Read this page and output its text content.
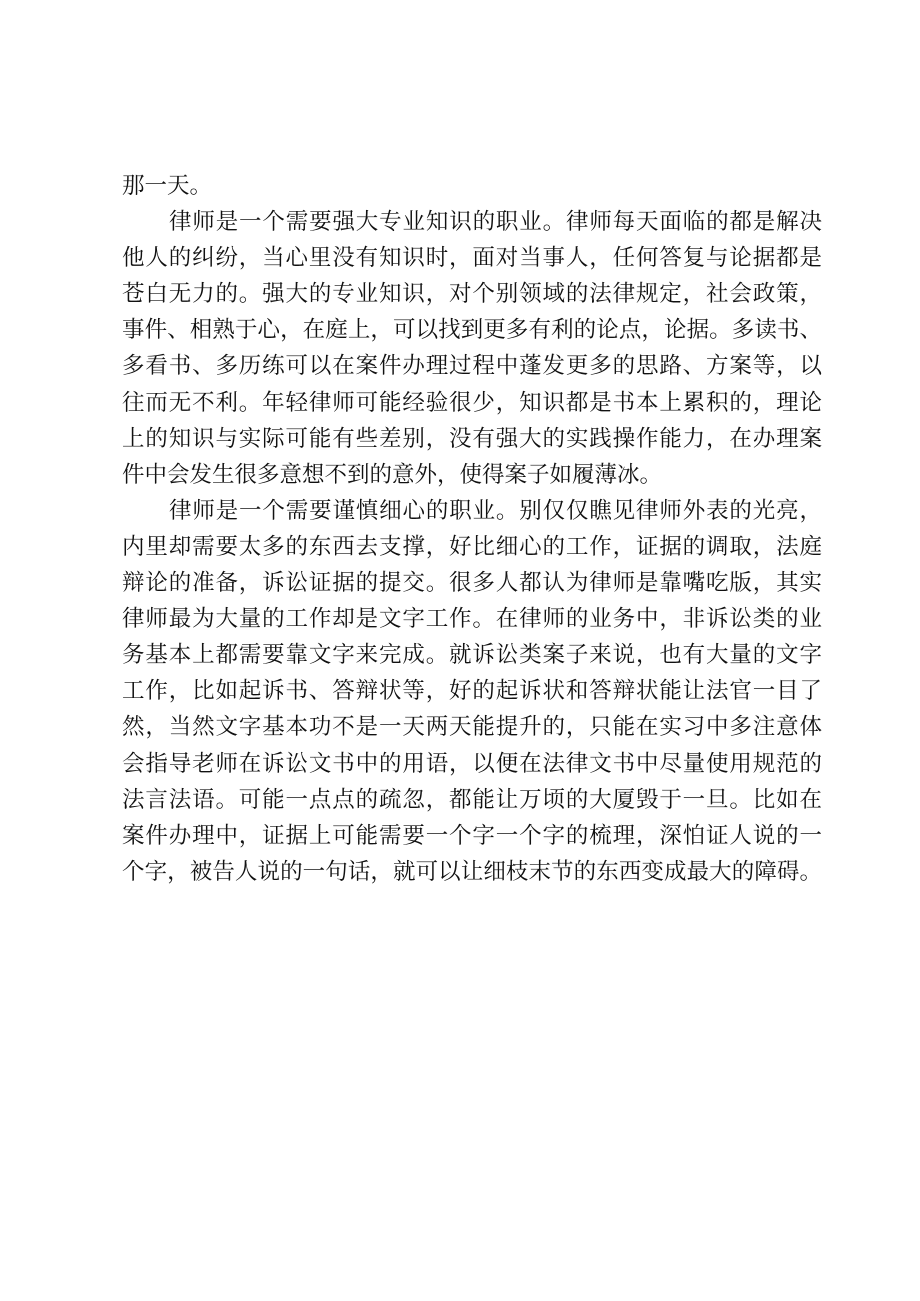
那一天。
律师是一个需要强大专业知识的职业。律师每天面临的都是解决
他人的纠纷，当心里没有知识时，面对当事人，任何答复与论据都是
苍白无力的。强大的专业知识，对个别领域的法律规定，社会政策，
事件、相熟于心，在庭上，可以找到更多有利的论点，论据。多读书、
多看书、多历练可以在案件办理过程中蓬发更多的思路、方案等，以
往而无不利。年轻律师可能经验很少，知识都是书本上累积的，理论
上的知识与实际可能有些差别，没有强大的实践操作能力，在办理案
件中会发生很多意想不到的意外，使得案子如履薄冰。
律师是一个需要谨慎细心的职业。别仅仅瞧见律师外表的光亮，
内里却需要太多的东西去支撑，好比细心的工作，证据的调取，法庭
辩论的准备，诉讼证据的提交。很多人都认为律师是靠嘴吃版，其实
律师最为大量的工作却是文字工作。在律师的业务中，非诉讼类的业
务基本上都需要靠文字来完成。就诉讼类案子来说，也有大量的文字
工作，比如起诉书、答辩状等，好的起诉状和答辩状能让法官一目了
然，当然文字基本功不是一天两天能提升的，只能在实习中多注意体
会指导老师在诉讼文书中的用语，以便在法律文书中尽量使用规范的
法言法语。可能一点点的疏忽，都能让万顷的大厦毁于一旦。比如在
案件办理中，证据上可能需要一个字一个字的梳理，深怕证人说的一
个字，被告人说的一句话，就可以让细枝末节的东西变成最大的障碍。
